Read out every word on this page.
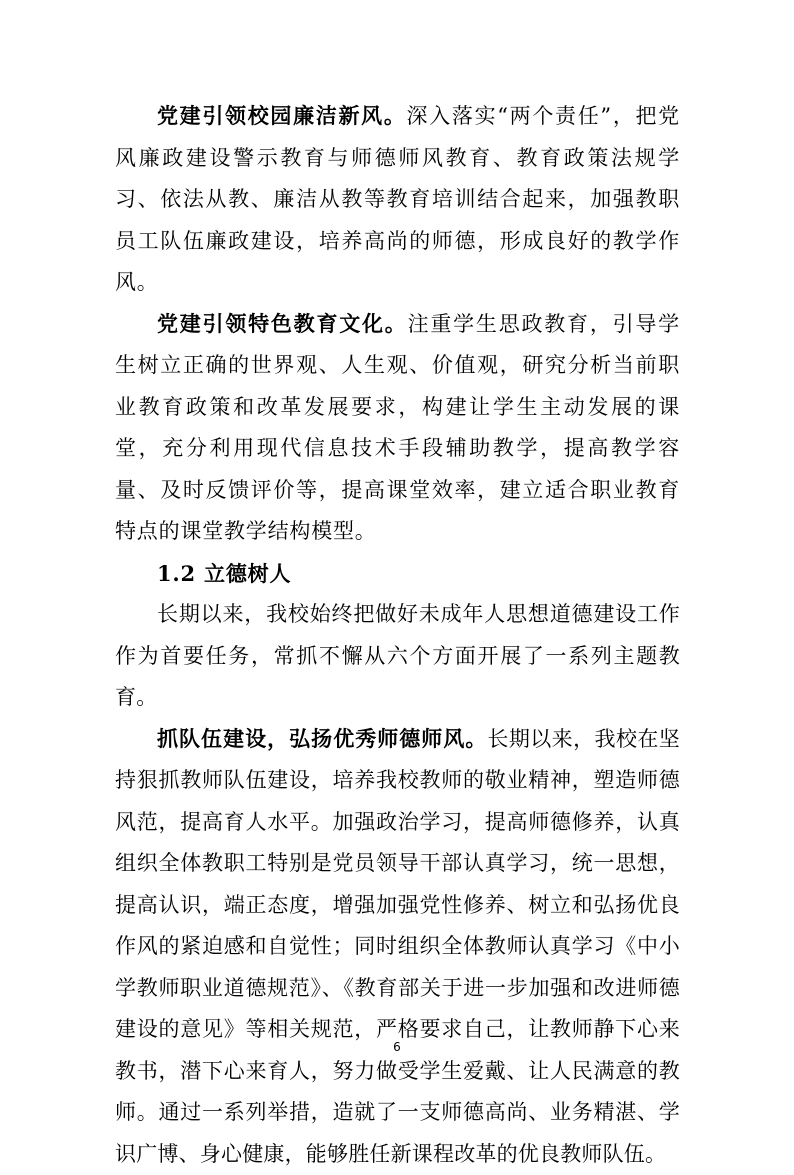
党建引领校园廉洁新风。深入落实“两个责任”，把党风廉政建设警示教育与师德师风教育、教育政策法规学习、依法从教、廉洁从教等教育培训结合起来，加强教职员工队伍廉政建设，培养高尚的师德，形成良好的教学作风。

党建引领特色教育文化。注重学生思政教育，引导学生树立正确的世界观、人生观、价值观，研究分析当前职业教育政策和改革发展要求，构建让学生主动发展的课堂，充分利用现代信息技术手段辅助教学，提高教学容量、及时反馈评价等，提高课堂效率，建立适合职业教育特点的课堂教学结构模型。

1.2 立德树人

长期以来，我校始终把做好未成年人思想道德建设工作作为首要任务，常抓不懈从六个方面开展了一系列主题教育。

抓队伍建设，弘扬优秀师德师风。长期以来，我校在坚持狠抓教师队伍建设，培养我校教师的敬业精神，塑造师德风范，提高育人水平。加强政治学习，提高师德修养，认真组织全体教职工特别是党员领导干部认真学习，统一思想，提高认识，端正态度，增强加强党性修养、树立和弘扬优良作风的紧迫感和自觉性；同时组织全体教师认真学习《中小学教师职业道德规范》、《教育部关于进一步加强和改进师德建设的意见》等相关规范，严格要求自己，让教师静下心来教书，潜下心来育人，努力做受学生爱戴、让人民满意的教师。通过一系列举措，造就了一支师德高尚、业务精湛、学识广博、身心健康，能够胜任新课程改革的优良教师队伍。

6
